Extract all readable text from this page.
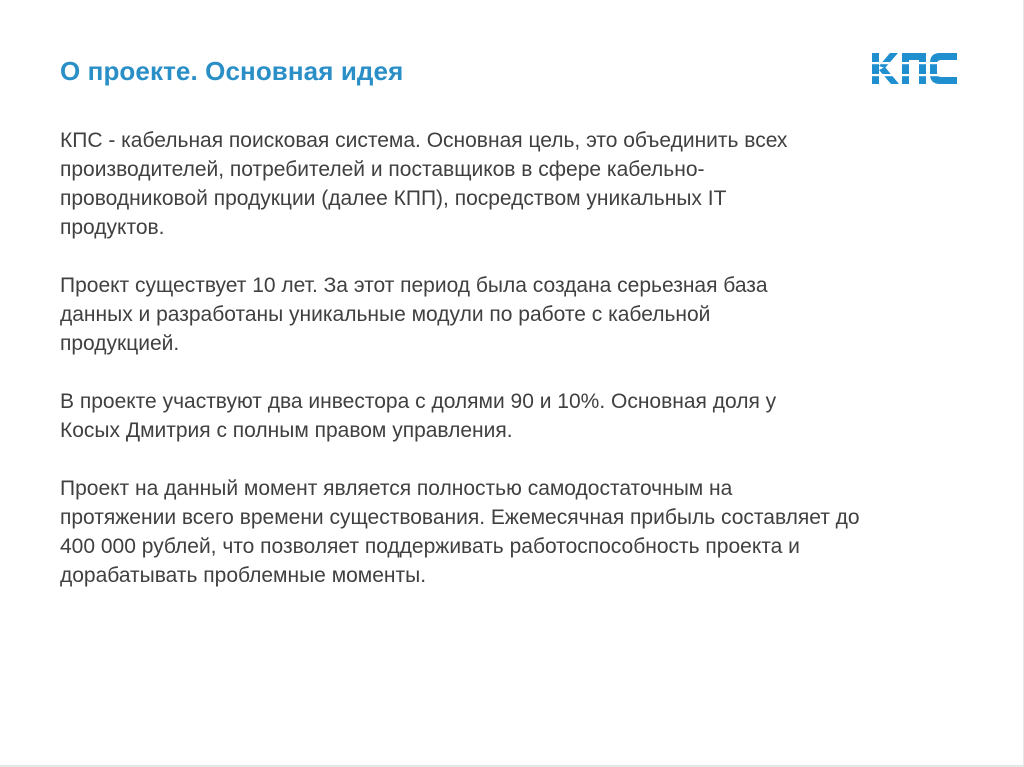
О проекте. Основная идея

КПС - кабельная поисковая система. Основная цель, это объединить всех
производителей, потребителей и поставщиков в сфере кабельно-
проводниковой продукции (далее КПП), посредством уникальных IT
продуктов.

Проект существует 10 лет. За этот период была создана серьезная база
данных и разработаны уникальные модули по работе с кабельной
продукцией.

В проекте участвуют два инвестора с долями 90 и 10%. Основная доля у
Косых Дмитрия с полным правом управления.

Проект на данный момент является полностью самодостаточным на
протяжении всего времени существования. Ежемесячная прибыль составляет до
400 000 рублей, что позволяет поддерживать работоспособность проекта и
дорабатывать проблемные моменты.
